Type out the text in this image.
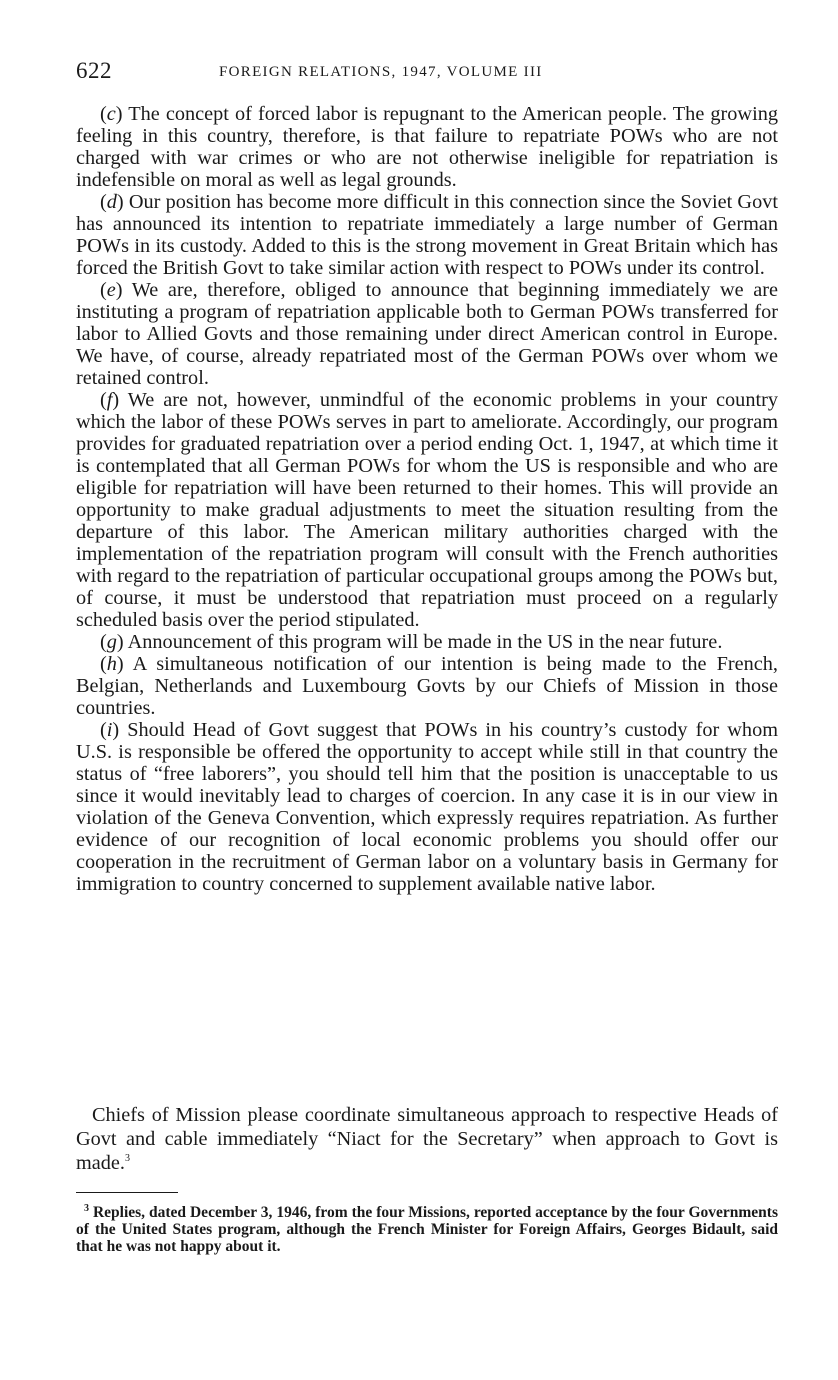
622	FOREIGN RELATIONS, 1947, VOLUME III

(c) The concept of forced labor is repugnant to the American people. The growing feeling in this country, therefore, is that failure to repatriate POWs who are not charged with war crimes or who are not otherwise ineligible for repatriation is indefensible on moral as well as legal grounds.

(d) Our position has become more difficult in this connection since the Soviet Govt has announced its intention to repatriate immediately a large number of German POWs in its custody. Added to this is the strong movement in Great Britain which has forced the British Govt to take similar action with respect to POWs under its control.

(e) We are, therefore, obliged to announce that beginning immediately we are instituting a program of repatriation applicable both to German POWs transferred for labor to Allied Govts and those remaining under direct American control in Europe. We have, of course, already repatriated most of the German POWs over whom we retained control.

(f) We are not, however, unmindful of the economic problems in your country which the labor of these POWs serves in part to ameliorate. Accordingly, our program provides for graduated repatriation over a period ending Oct. 1, 1947, at which time it is contemplated that all German POWs for whom the US is responsible and who are eligible for repatriation will have been returned to their homes. This will provide an opportunity to make gradual adjustments to meet the situation resulting from the departure of this labor. The American military authorities charged with the implementation of the repatriation program will consult with the French authorities with regard to the repatriation of particular occupational groups among the POWs but, of course, it must be understood that repatriation must proceed on a regularly scheduled basis over the period stipulated.

(g) Announcement of this program will be made in the US in the near future.

(h) A simultaneous notification of our intention is being made to the French, Belgian, Netherlands and Luxembourg Govts by our Chiefs of Mission in those countries.

(i) Should Head of Govt suggest that POWs in his country’s custody for whom U.S. is responsible be offered the opportunity to accept while still in that country the status of “free laborers”, you should tell him that the position is unacceptable to us since it would inevitably lead to charges of coercion. In any case it is in our view in violation of the Geneva Convention, which expressly requires repatriation. As further evidence of our recognition of local economic problems you should offer our cooperation in the recruitment of German labor on a voluntary basis in Germany for immigration to country concerned to supplement available native labor.

Chiefs of Mission please coordinate simultaneous approach to respective Heads of Govt and cable immediately “Niact for the Secretary” when approach to Govt is made.$^3$

$^3$ Replies, dated December 3, 1946, from the four Missions, reported acceptance by the four Governments of the United States program, although the French Minister for Foreign Affairs, Georges Bidault, said that he was not happy about it.
